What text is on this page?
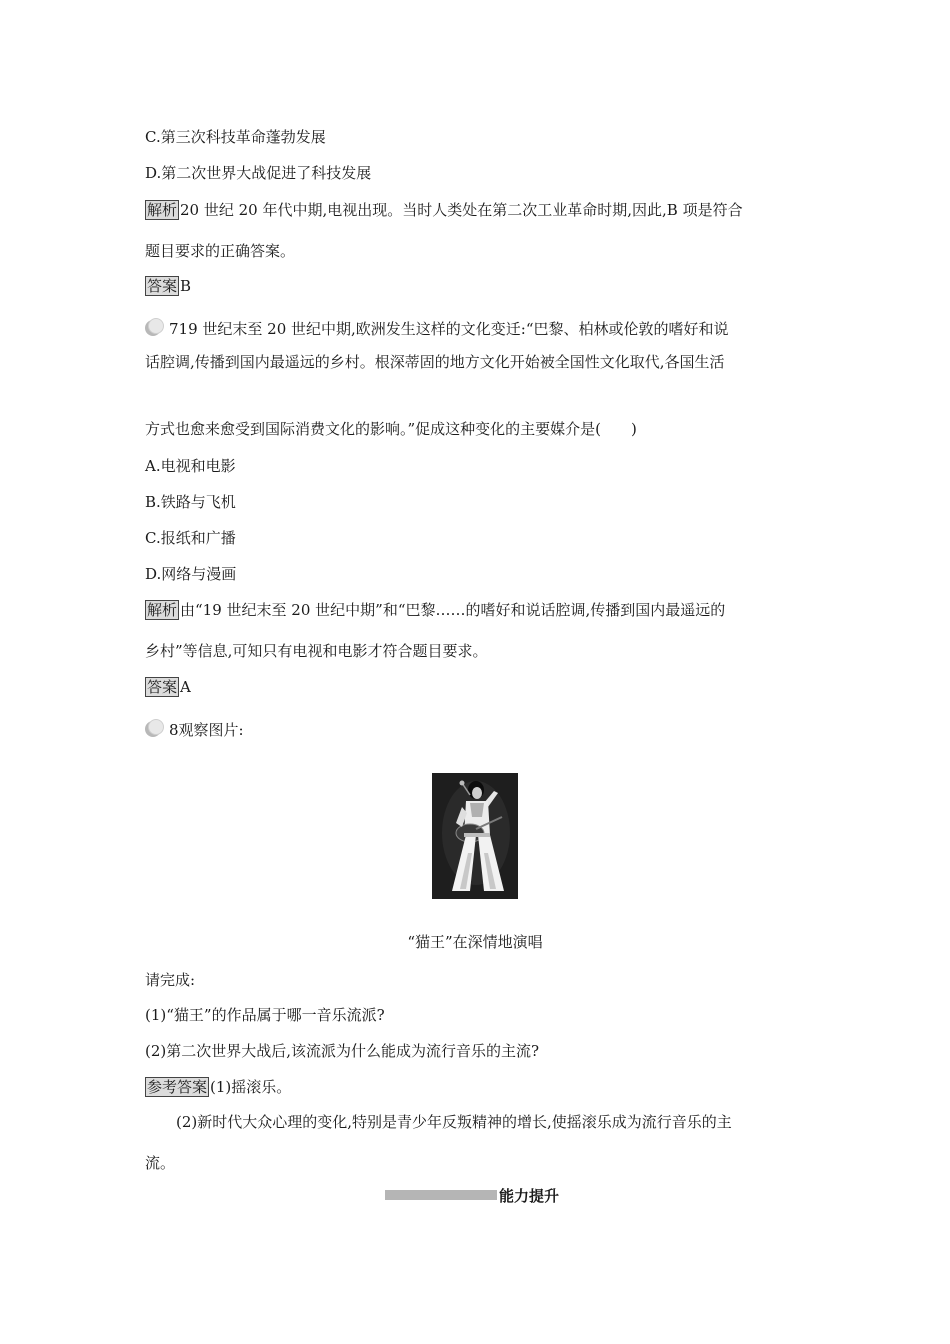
C.第三次科技革命蓬勃发展
D.第二次世界大战促进了科技发展
解析 20 世纪 20 年代中期,电视出现。当时人类处在第二次工业革命时期,因此,B 项是符合
题目要求的正确答案。
答案 B
719 世纪末至 20 世纪中期,欧洲发生这样的文化变迁:“巴黎、柏林或伦敦的嗜好和说
话腔调,传播到国内最遥远的乡村。根深蒂固的地方文化开始被全国性文化取代,各国生活
方式也愈来愈受到国际消费文化的影响。”促成这种变化的主要媒介是(　　)
A.电视和电影
B.铁路与飞机
C.报纸和广播
D.网络与漫画
解析 由“19 世纪末至 20 世纪中期”和“巴黎……的嗜好和说话腔调,传播到国内最遥远的
乡村”等信息,可知只有电视和电影才符合题目要求。
答案 A
8观察图片:
“猫王”在深情地演唱
请完成:
(1)“猫王”的作品属于哪一音乐流派?
(2)第二次世界大战后,该流派为什么能成为流行音乐的主流?
参考答案 (1)摇滚乐。
(2)新时代大众心理的变化,特别是青少年反叛精神的增长,使摇滚乐成为流行音乐的主
流。
能力提升
